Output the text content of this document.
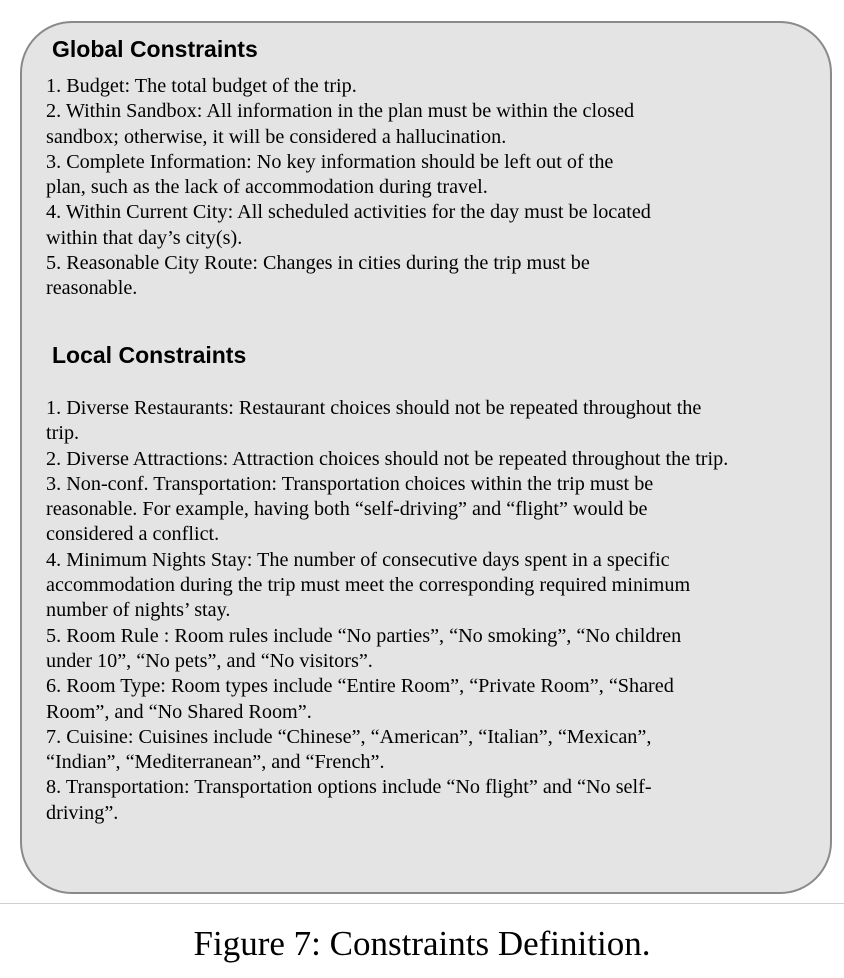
Global Constraints
1. Budget: The total budget of the trip.
2. Within Sandbox: All information in the plan must be within the closed
sandbox; otherwise, it will be considered a hallucination.
3. Complete Information: No key information should be left out of the
plan, such as the lack of accommodation during travel.
4. Within Current City: All scheduled activities for the day must be located
within that day’s city(s).
5. Reasonable City Route: Changes in cities during the trip must be
reasonable.
Local Constraints
1. Diverse Restaurants: Restaurant choices should not be repeated throughout the
trip.
2. Diverse Attractions: Attraction choices should not be repeated throughout the trip.
3. Non-conf. Transportation: Transportation choices within the trip must be
reasonable. For example, having both “self-driving” and “flight” would be
considered a conflict.
4. Minimum Nights Stay: The number of consecutive days spent in a specific
accommodation during the trip must meet the corresponding required minimum
number of nights’ stay.
5. Room Rule : Room rules include “No parties”, “No smoking”, “No children
under 10”, “No pets”, and “No visitors”.
6. Room Type: Room types include “Entire Room”, “Private Room”, “Shared
Room”, and “No Shared Room”.
7. Cuisine: Cuisines include “Chinese”, “American”, “Italian”, “Mexican”,
“Indian”, “Mediterranean”, and “French”.
8. Transportation: Transportation options include “No flight” and “No self-
driving”.
Figure 7: Constraints Definition.
